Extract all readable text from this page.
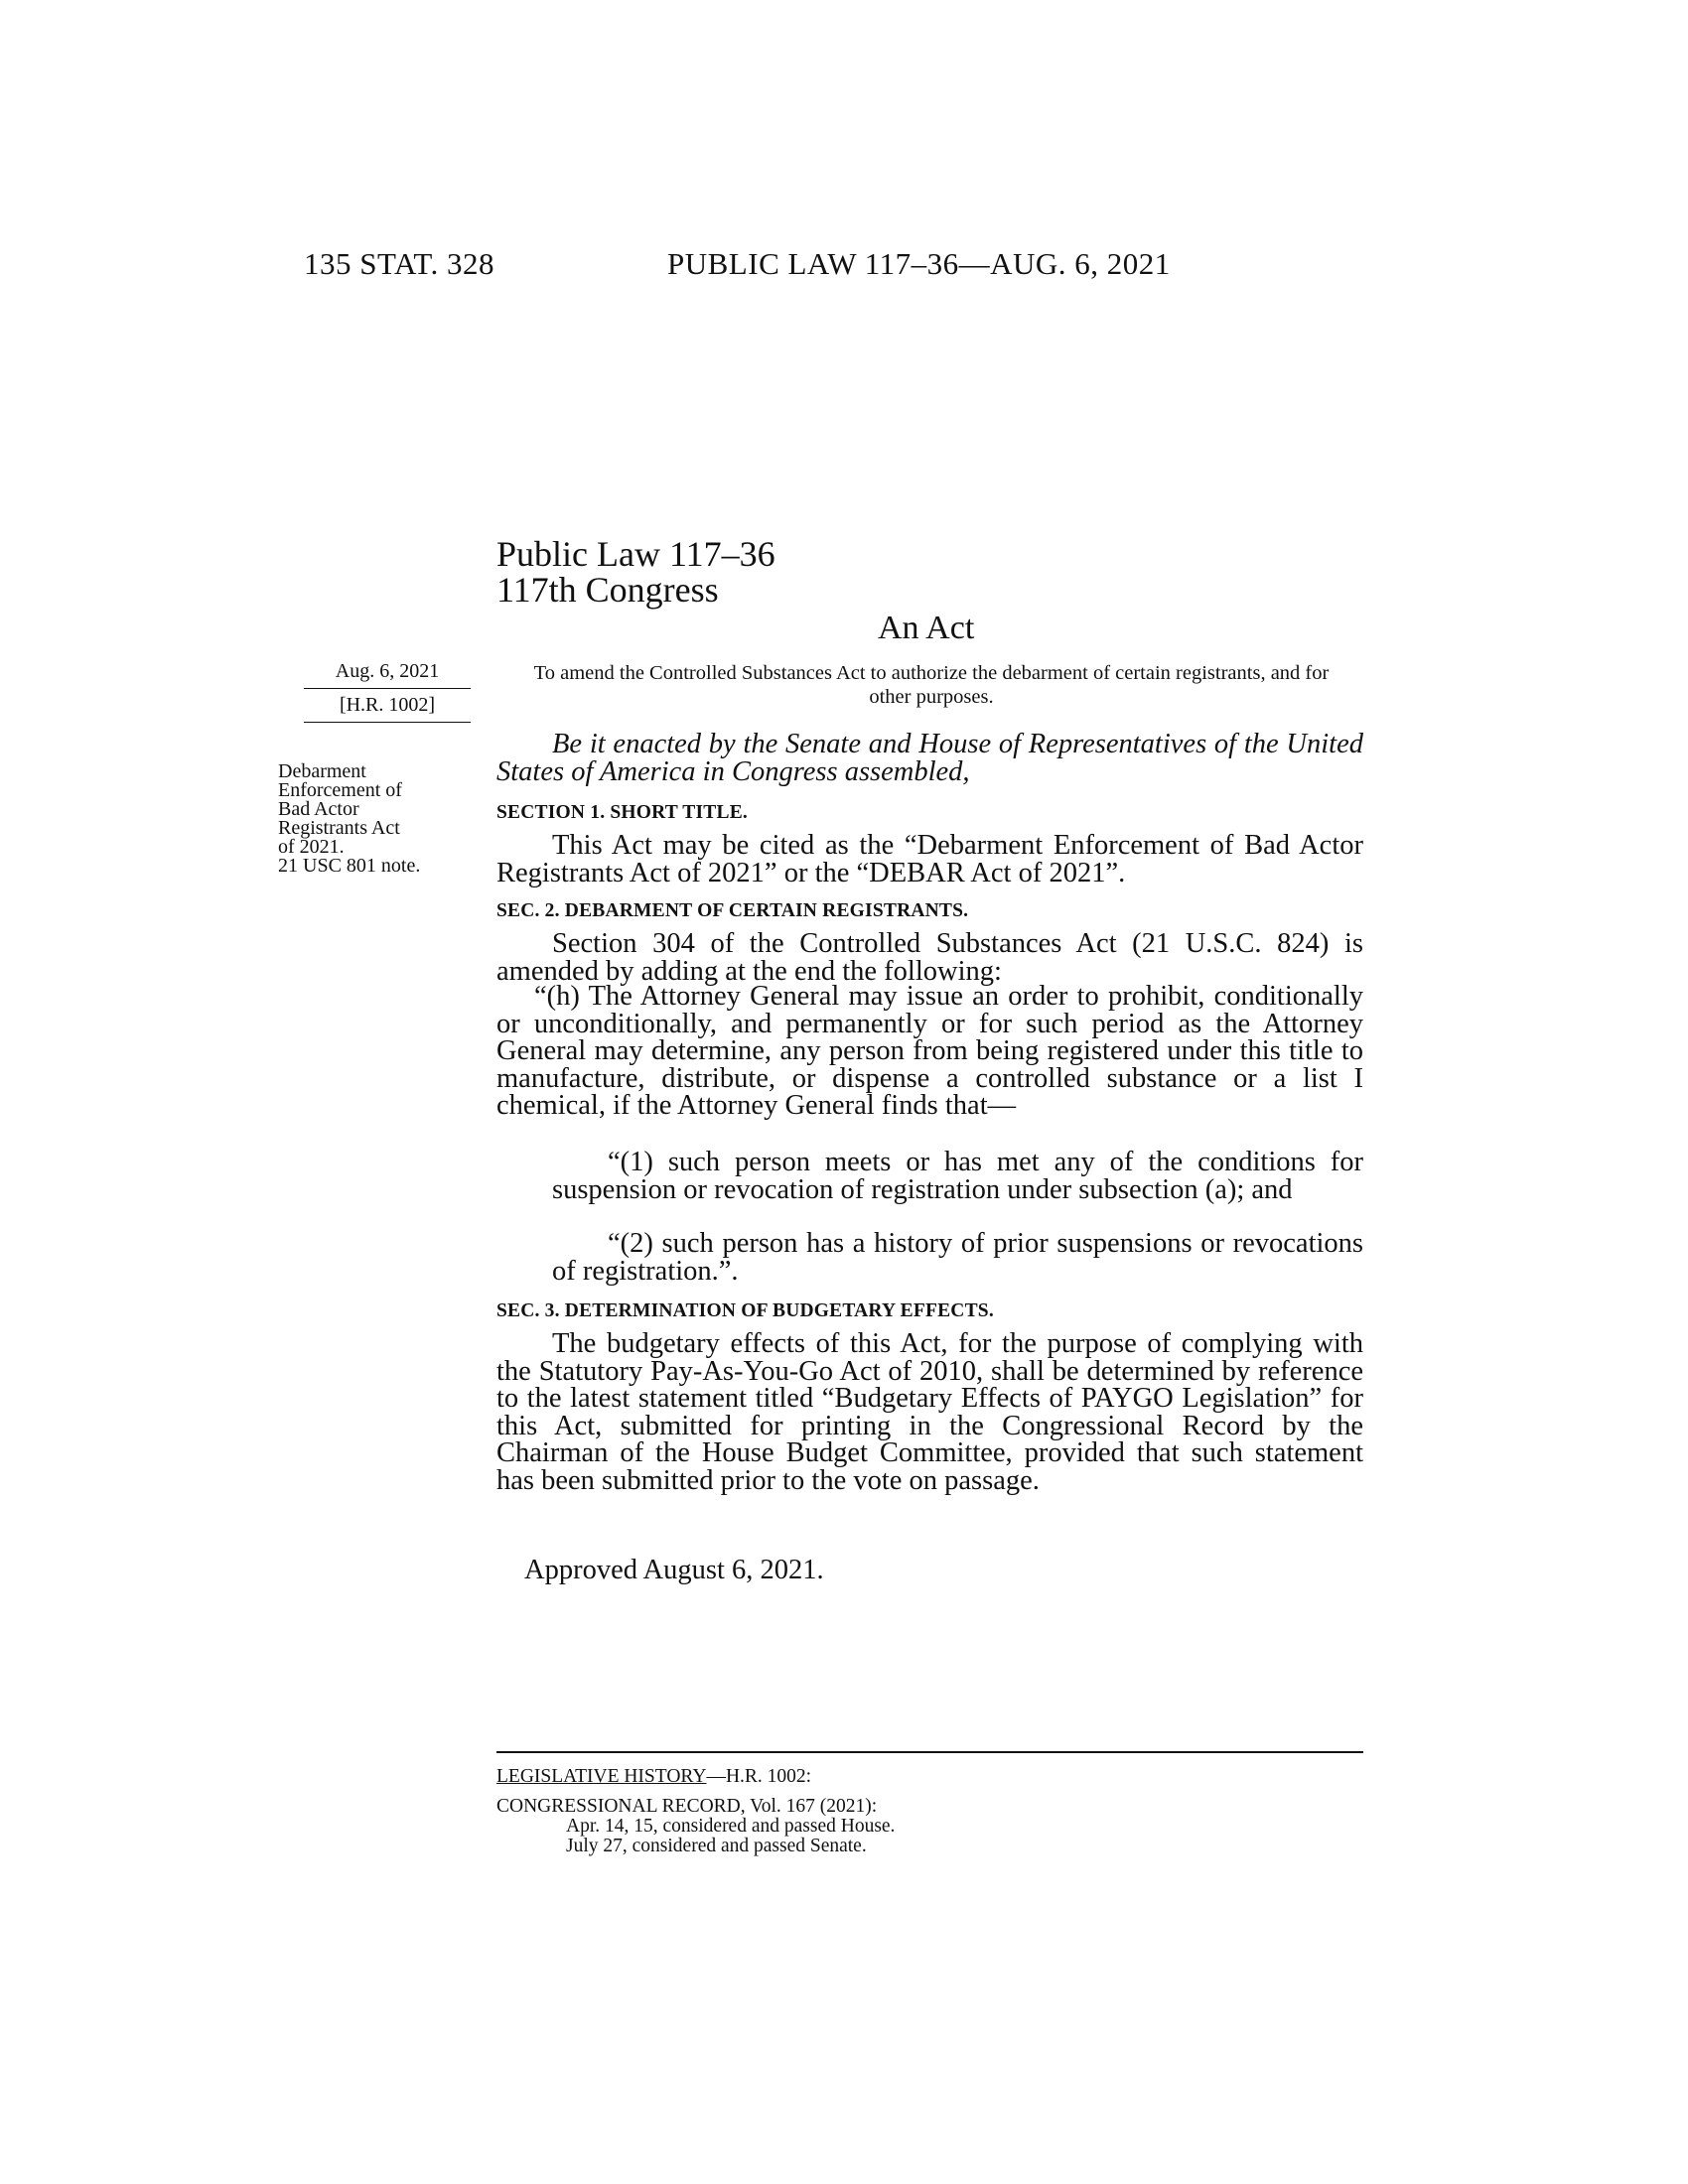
135 STAT. 328	PUBLIC LAW 117–36—AUG. 6, 2021
Public Law 117–36
117th Congress
An Act
Aug. 6, 2021
[H.R. 1002]
Debarment
Enforcement of
Bad Actor
Registrants Act
of 2021.
21 USC 801 note.
To amend the Controlled Substances Act to authorize the debarment of certain registrants, and for other purposes.
Be it enacted by the Senate and House of Representatives of the United States of America in Congress assembled,
SECTION 1. SHORT TITLE.
This Act may be cited as the “Debarment Enforcement of Bad Actor Registrants Act of 2021” or the “DEBAR Act of 2021”.
SEC. 2. DEBARMENT OF CERTAIN REGISTRANTS.
Section 304 of the Controlled Substances Act (21 U.S.C. 824) is amended by adding at the end the following:
“(h) The Attorney General may issue an order to prohibit, conditionally or unconditionally, and permanently or for such period as the Attorney General may determine, any person from being registered under this title to manufacture, distribute, or dispense a controlled substance or a list I chemical, if the Attorney General finds that—
“(1) such person meets or has met any of the conditions for suspension or revocation of registration under subsection (a); and
“(2) such person has a history of prior suspensions or revocations of registration.”.
SEC. 3. DETERMINATION OF BUDGETARY EFFECTS.
The budgetary effects of this Act, for the purpose of complying with the Statutory Pay-As-You-Go Act of 2010, shall be determined by reference to the latest statement titled “Budgetary Effects of PAYGO Legislation” for this Act, submitted for printing in the Congressional Record by the Chairman of the House Budget Committee, provided that such statement has been submitted prior to the vote on passage.
Approved August 6, 2021.
LEGISLATIVE HISTORY—H.R. 1002:
CONGRESSIONAL RECORD, Vol. 167 (2021):
Apr. 14, 15, considered and passed House.
July 27, considered and passed Senate.
